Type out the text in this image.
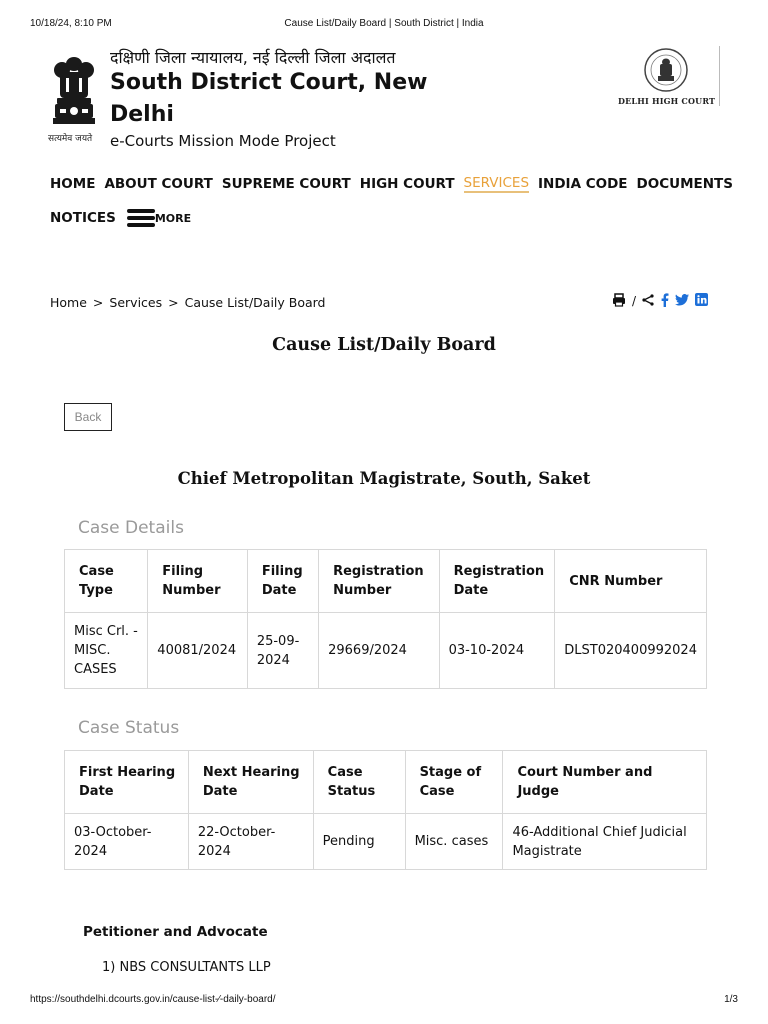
10/18/24, 8:10 PM	Cause List/Daily Board | South District | India
सत्यमेव जयते
दक्षिणी जिला न्यायालय, नई दिल्ली जिला अदालत
South District Court, New Delhi
e-Courts Mission Mode Project
DELHI HIGH COURT
HOME ABOUT COURT SUPREME COURT HIGH COURT SERVICES INDIA CODE DOCUMENTS
NOTICES	MORE
Home > Services > Cause List/Daily Board	/
Cause List/Daily Board
Back
Chief Metropolitan Magistrate, South, Saket
Case Details
Case Type	Filing Number	Filing Date	Registration Number	Registration Date	CNR Number
Misc Crl. - MISC. CASES	40081/2024	25-09-2024	29669/2024	03-10-2024	DLST020400992024
Case Status
First Hearing Date	Next Hearing Date	Case Status	Stage of Case	Court Number and Judge
03-October-2024	22-October-2024	Pending	Misc. cases	46-Additional Chief Judicial Magistrate
Petitioner and Advocate
1) NBS CONSULTANTS LLP
https://southdelhi.dcourts.gov.in/cause-list-⁄-daily-board/	1/3
